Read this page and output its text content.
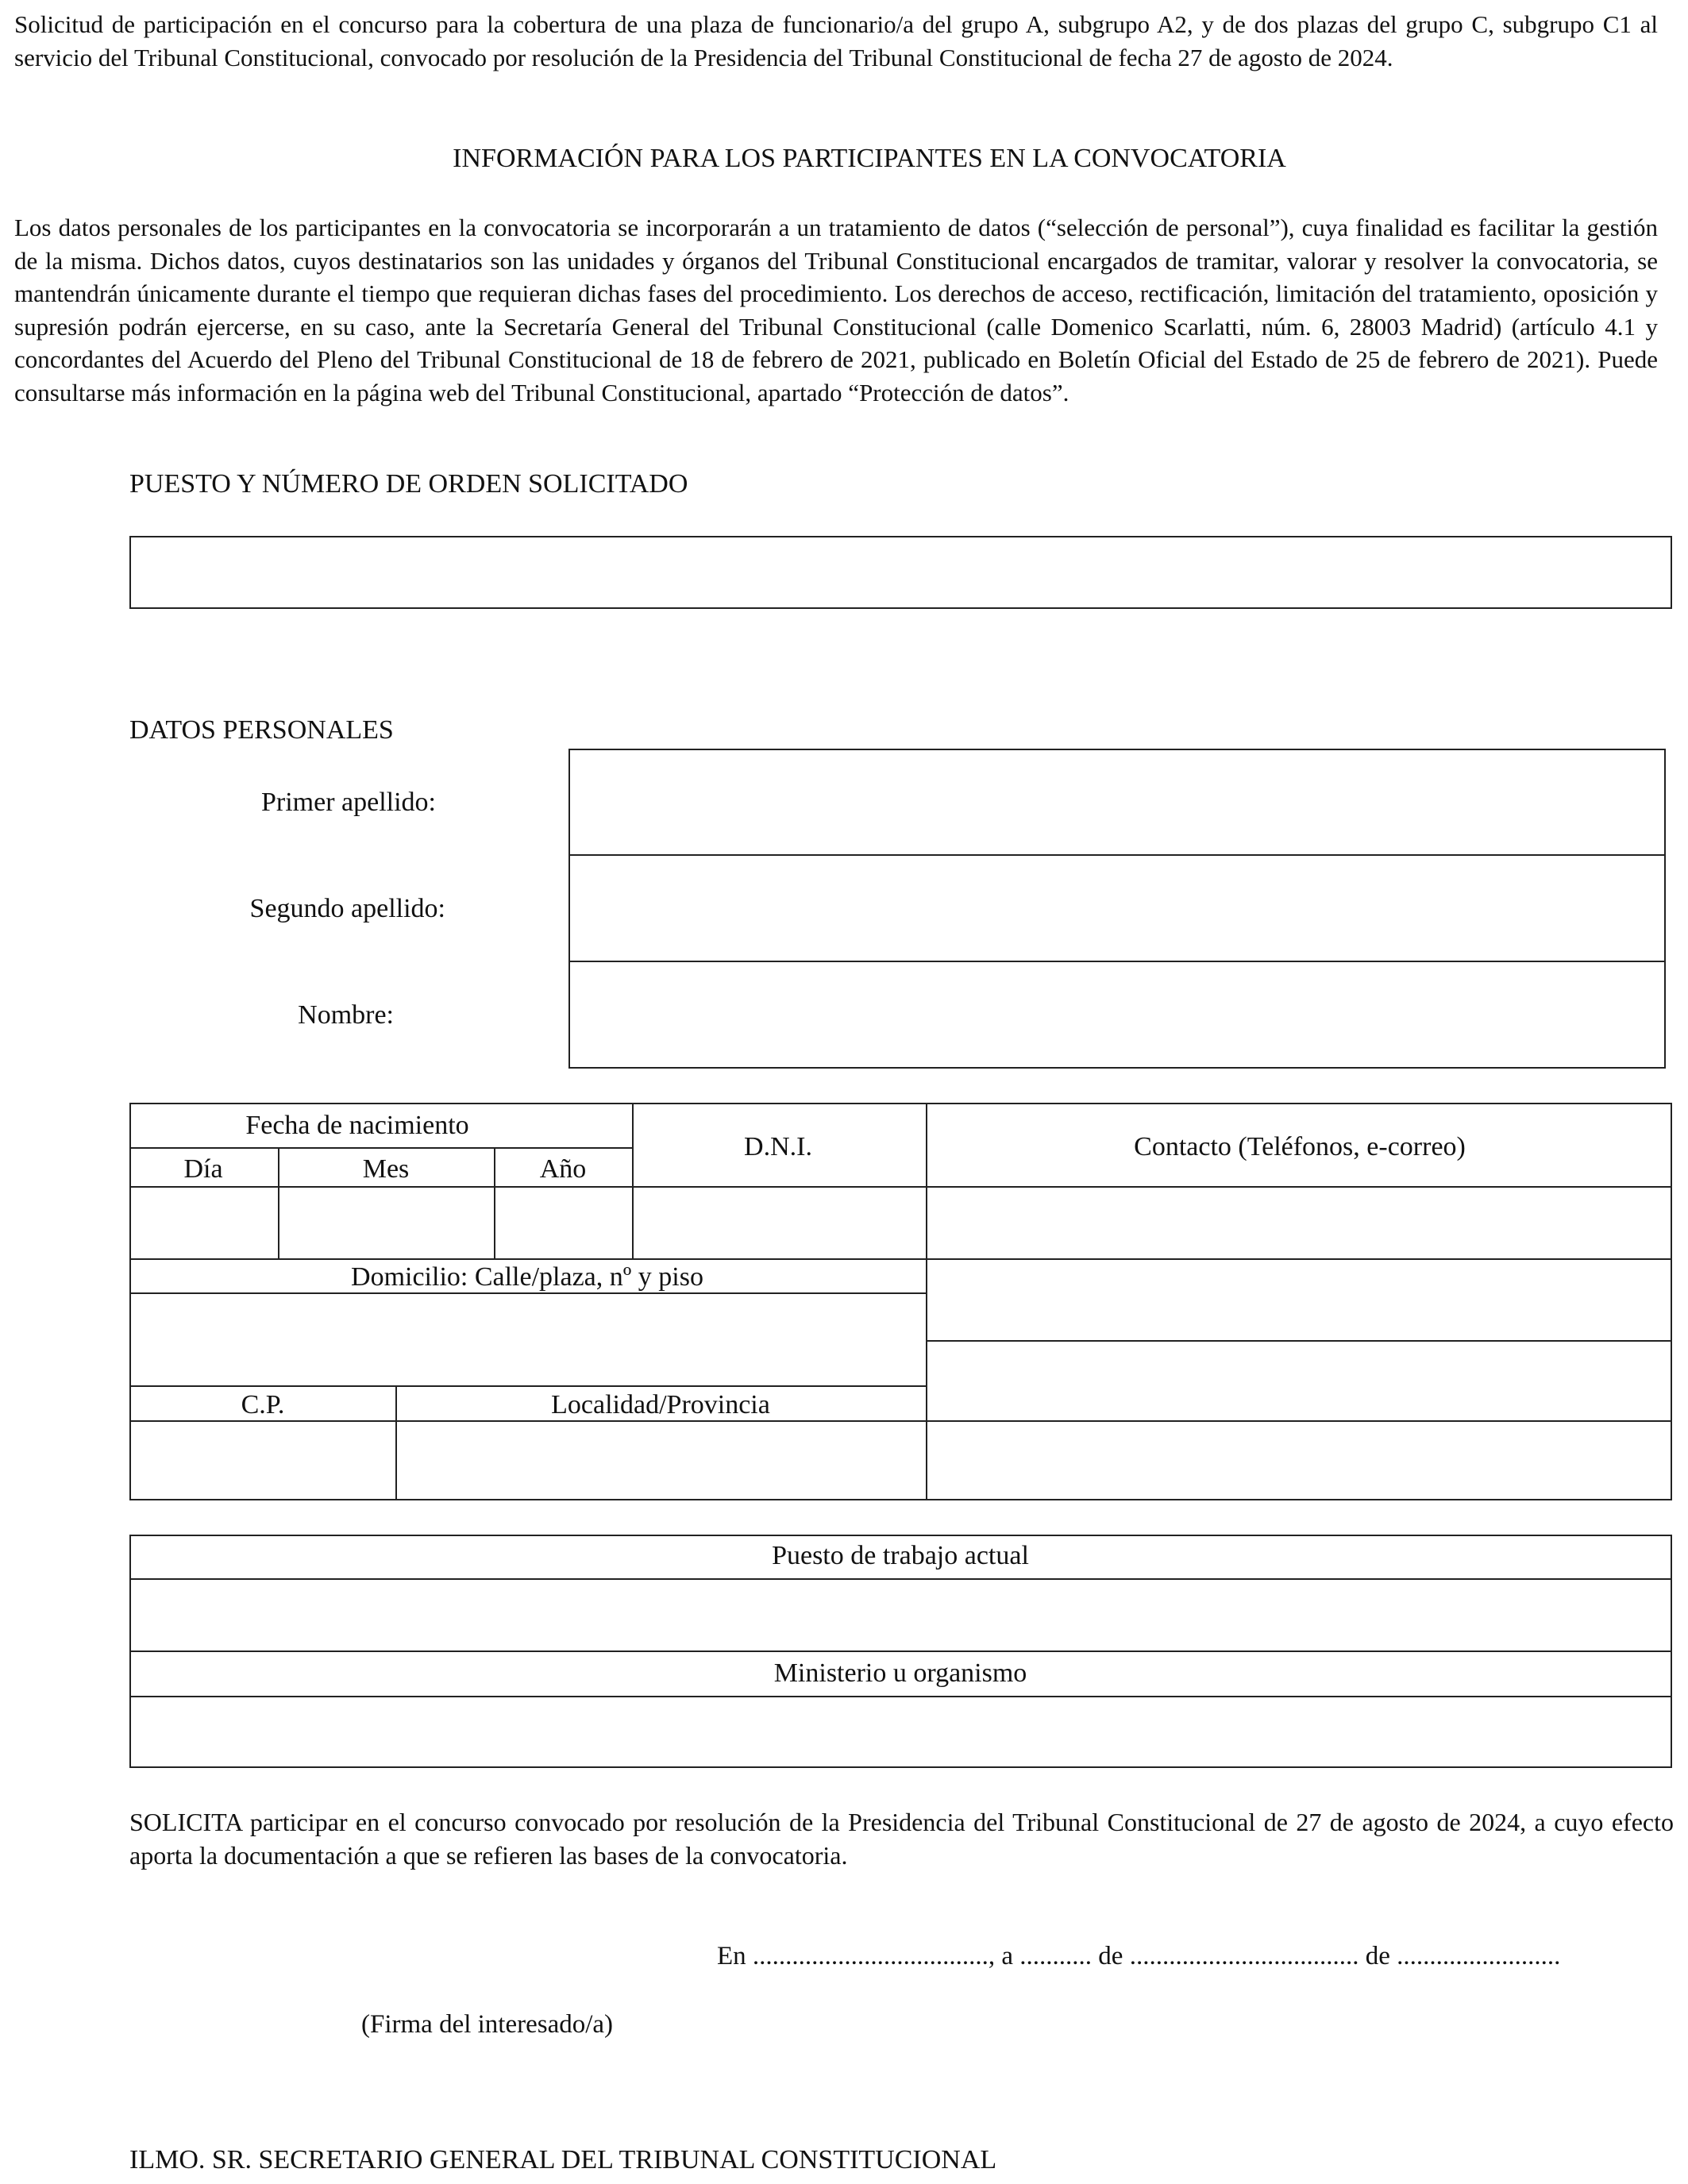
Solicitud de participación en el concurso para la cobertura de una plaza de funcionario/a del grupo A, subgrupo A2, y de dos plazas del grupo C, subgrupo C1 al servicio del Tribunal Constitucional, convocado por resolución de la Presidencia del Tribunal Constitucional de fecha 27 de agosto de 2024.

INFORMACIÓN PARA LOS PARTICIPANTES EN LA CONVOCATORIA

Los datos personales de los participantes en la convocatoria se incorporarán a un tratamiento de datos (“selección de personal”), cuya finalidad es facilitar la gestión de la misma. Dichos datos, cuyos destinatarios son las unidades y órganos del Tribunal Constitucional encargados de tramitar, valorar y resolver la convocatoria, se mantendrán únicamente durante el tiempo que requieran dichas fases del procedimiento. Los derechos de acceso, rectificación, limitación del tratamiento, oposición y supresión podrán ejercerse, en su caso, ante la Secretaría General del Tribunal Constitucional (calle Domenico Scarlatti, núm. 6, 28003 Madrid) (artículo 4.1 y concordantes del Acuerdo del Pleno del Tribunal Constitucional de 18 de febrero de 2021, publicado en Boletín Oficial del Estado de 25 de febrero de 2021). Puede consultarse más información en la página web del Tribunal Constitucional, apartado “Protección de datos”.

PUESTO Y NÚMERO DE ORDEN SOLICITADO
DATOS PERSONALES
Primer apellido:
Segundo apellido:
Nombre:
Fecha de nacimiento
Día	Mes	Año
D.N.I.	Contacto (Teléfonos, e-correo)
Domicilio: Calle/plaza, nº y piso
C.P.	Localidad/Provincia
Puesto de trabajo actual
Ministerio u organismo

SOLICITA participar en el concurso convocado por resolución de la Presidencia del Tribunal Constitucional de 27 de agosto de 2024, a cuyo efecto aporta la documentación a que se refieren las bases de la convocatoria.

En ...................................., a ........... de ................................... de .........................
(Firma del interesado/a)
ILMO. SR. SECRETARIO GENERAL DEL TRIBUNAL CONSTITUCIONAL
